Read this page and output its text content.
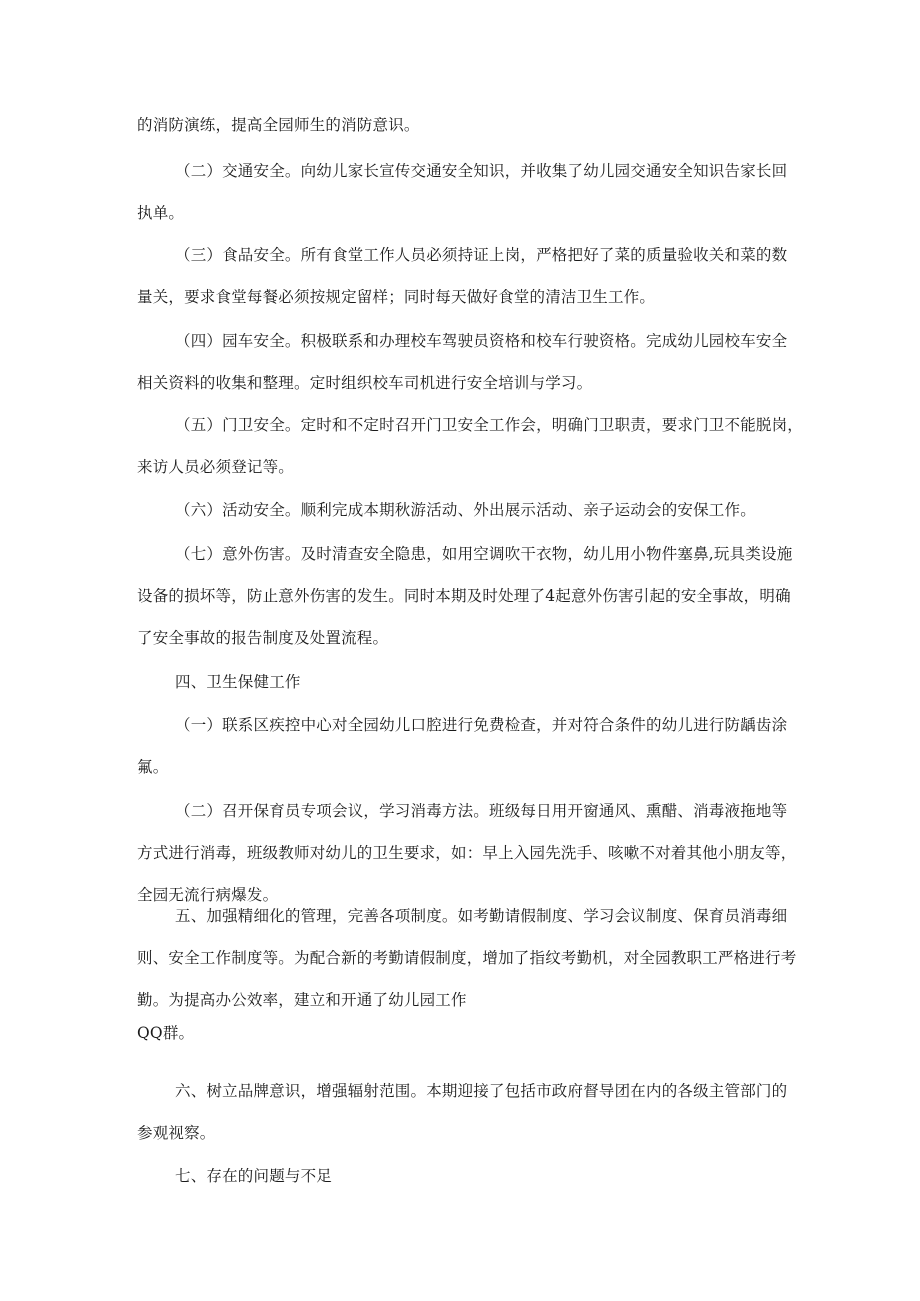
的消防演练，提高全园师生的消防意识。
（二）交通安全。向幼儿家长宣传交通安全知识，并收集了幼儿园交通安全知识告家长回
执单。
（三）食品安全。所有食堂工作人员必须持证上岗，严格把好了菜的质量验收关和菜的数
量关，要求食堂每餐必须按规定留样；同时每天做好食堂的清洁卫生工作。
（四）园车安全。积极联系和办理校车驾驶员资格和校车行驶资格。完成幼儿园校车安全
相关资料的收集和整理。定时组织校车司机进行安全培训与学习。
（五）门卫安全。定时和不定时召开门卫安全工作会，明确门卫职责，要求门卫不能脱岗，
来访人员必须登记等。
（六）活动安全。顺利完成本期秋游活动、外出展示活动、亲子运动会的安保工作。
（七）意外伤害。及时清查安全隐患，如用空调吹干衣物，幼儿用小物件塞鼻,玩具类设施
设备的损坏等，防止意外伤害的发生。同时本期及时处理了4起意外伤害引起的安全事故，明确
了安全事故的报告制度及处置流程。
四、卫生保健工作
（一）联系区疾控中心对全园幼儿口腔进行免费检查，并对符合条件的幼儿进行防龋齿涂
氟。
（二）召开保育员专项会议，学习消毒方法。班级每日用开窗通风、熏醋、消毒液拖地等
方式进行消毒，班级教师对幼儿的卫生要求，如：早上入园先洗手、咳嗽不对着其他小朋友等，
全园无流行病爆发。
五、加强精细化的管理，完善各项制度。如考勤请假制度、学习会议制度、保育员消毒细
则、安全工作制度等。为配合新的考勤请假制度，增加了指纹考勤机，对全园教职工严格进行考
勤。为提高办公效率，建立和开通了幼儿园工作
QQ群。
六、树立品牌意识，增强辐射范围。本期迎接了包括市政府督导团在内的各级主管部门的
参观视察。
七、存在的问题与不足
